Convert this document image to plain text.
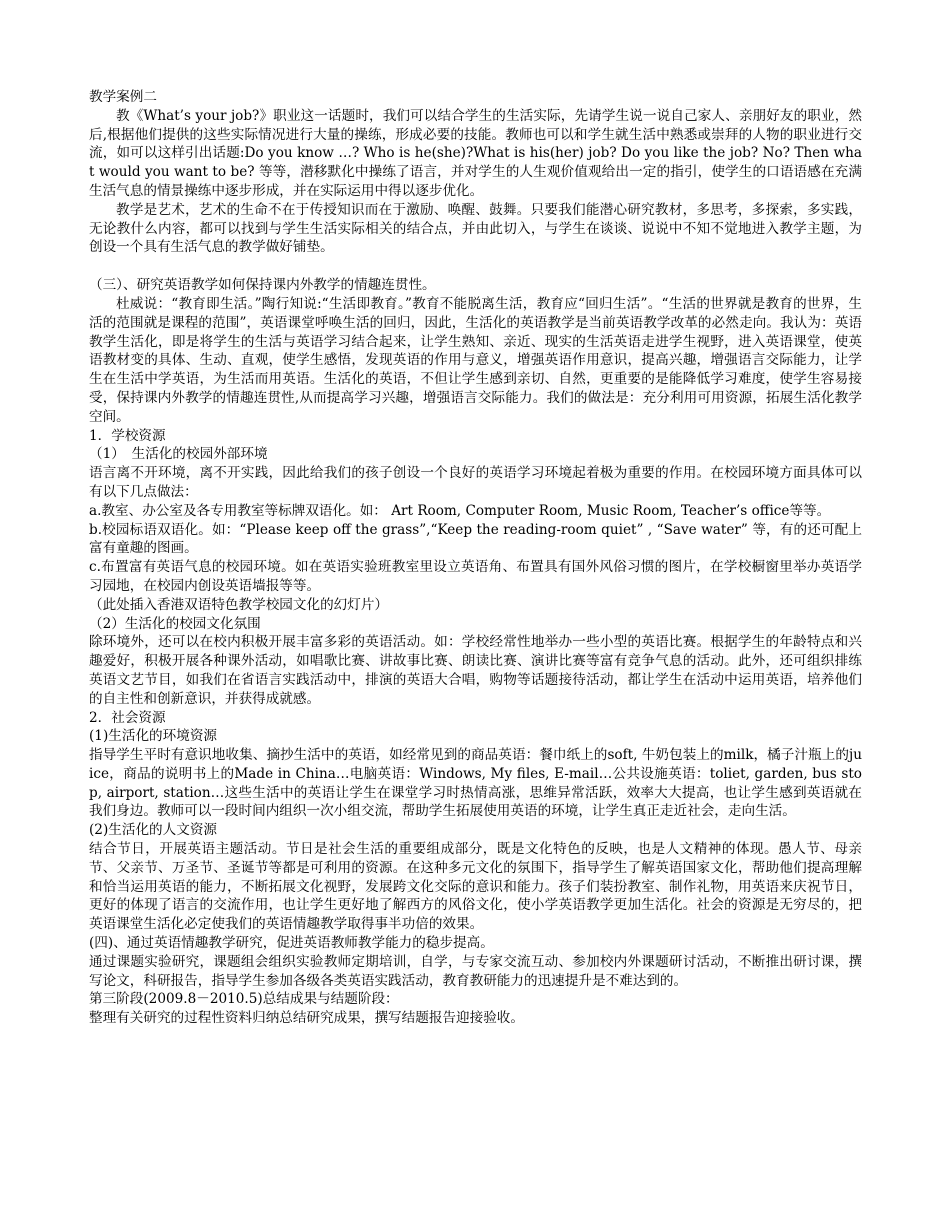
教学案例二

教《What’s your job?》职业这一话题时，我们可以结合学生的生活实际，先请学生说一说自己家人、亲朋好友的职业，然后,根据他们提供的这些实际情况进行大量的操练，形成必要的技能。教师也可以和学生就生活中熟悉或崇拜的人物的职业进行交流，如可以这样引出话题:Do you know …? Who is he(she)?What is his(her) job? Do you like the job? No? Then what would you want to be? 等等，潜移默化中操练了语言，并对学生的人生观价值观给出一定的指引，使学生的口语语感在充满生活气息的情景操练中逐步形成，并在实际运用中得以逐步优化。

教学是艺术，艺术的生命不在于传授知识而在于激励、唤醒、鼓舞。只要我们能潜心研究教材，多思考，多探索，多实践，无论教什么内容，都可以找到与学生生活实际相关的结合点，并由此切入，与学生在谈谈、说说中不知不觉地进入教学主题，为创设一个具有生活气息的教学做好铺垫。

（三）、研究英语教学如何保持课内外教学的情趣连贯性。

杜威说：“教育即生活。”陶行知说:“生活即教育。”教育不能脱离生活，教育应“回归生活”。“生活的世界就是教育的世界，生活的范围就是课程的范围”，英语课堂呼唤生活的回归，因此，生活化的英语教学是当前英语教学改革的必然走向。我认为：英语教学生活化，即是将学生的生活与英语学习结合起来，让学生熟知、亲近、现实的生活英语走进学生视野，进入英语课堂，使英语教材变的具体、生动、直观，使学生感悟，发现英语的作用与意义，增强英语作用意识，提高兴趣，增强语言交际能力，让学生在生活中学英语，为生活而用英语。生活化的英语，不但让学生感到亲切、自然，更重要的是能降低学习难度，使学生容易接受，保持课内外教学的情趣连贯性,从而提高学习兴趣，增强语言交际能力。我们的做法是：充分利用可用资源，拓展生活化教学空间。

1．学校资源

（1）　生活化的校园外部环境

语言离不开环境，离不开实践，因此给我们的孩子创设一个良好的英语学习环境起着极为重要的作用。在校园环境方面具体可以有以下几点做法：

a.教室、办公室及各专用教室等标牌双语化。如： Art Room, Computer Room, Music Room, Teacher’s office等等。

b.校园标语双语化。如：“Please keep off the grass”,“Keep the reading-room quiet” , “Save water” 等，有的还可配上富有童趣的图画。

c.布置富有英语气息的校园环境。如在英语实验班教室里设立英语角、布置具有国外风俗习惯的图片，在学校橱窗里举办英语学习园地，在校园内创设英语墙报等等。

（此处插入香港双语特色教学校园文化的幻灯片）

（2）生活化的校园文化氛围

除环境外，还可以在校内积极开展丰富多彩的英语活动。如：学校经常性地举办一些小型的英语比赛。根据学生的年龄特点和兴趣爱好，积极开展各种课外活动，如唱歌比赛、讲故事比赛、朗读比赛、演讲比赛等富有竞争气息的活动。此外，还可组织排练英语文艺节目，如我们在省语言实践活动中，排演的英语大合唱，购物等话题接待活动，都让学生在活动中运用英语，培养他们的自主性和创新意识，并获得成就感。

2．社会资源

(1)生活化的环境资源

指导学生平时有意识地收集、摘抄生活中的英语，如经常见到的商品英语：餐巾纸上的soft, 牛奶包装上的milk，橘子汁瓶上的juice，商品的说明书上的Made in China…电脑英语：Windows, My files, E-mail…公共设施英语：toliet, garden, bus stop, airport, station…这些生活中的英语让学生在课堂学习时热情高涨，思维异常活跃，效率大大提高，也让学生感到英语就在我们身边。教师可以一段时间内组织一次小组交流，帮助学生拓展使用英语的环境，让学生真正走近社会，走向生活。

(2)生活化的人文资源

结合节日，开展英语主题活动。节日是社会生活的重要组成部分，既是文化特色的反映，也是人文精神的体现。愚人节、母亲节、父亲节、万圣节、圣诞节等都是可利用的资源。在这种多元文化的氛围下，指导学生了解英语国家文化，帮助他们提高理解和恰当运用英语的能力，不断拓展文化视野，发展跨文化交际的意识和能力。孩子们装扮教室、制作礼物，用英语来庆祝节日，更好的体现了语言的交流作用，也让学生更好地了解西方的风俗文化，使小学英语教学更加生活化。社会的资源是无穷尽的，把英语课堂生活化必定使我们的英语情趣教学取得事半功倍的效果。

(四)、通过英语情趣教学研究，促进英语教师教学能力的稳步提高。

通过课题实验研究，课题组会组织实验教师定期培训，自学，与专家交流互动、参加校内外课题研讨活动，不断推出研讨课，撰写论文，科研报告，指导学生参加各级各类英语实践活动，教育教研能力的迅速提升是不难达到的。

第三阶段(2009.8－2010.5)总结成果与结题阶段：

整理有关研究的过程性资料归纳总结研究成果，撰写结题报告迎接验收。
